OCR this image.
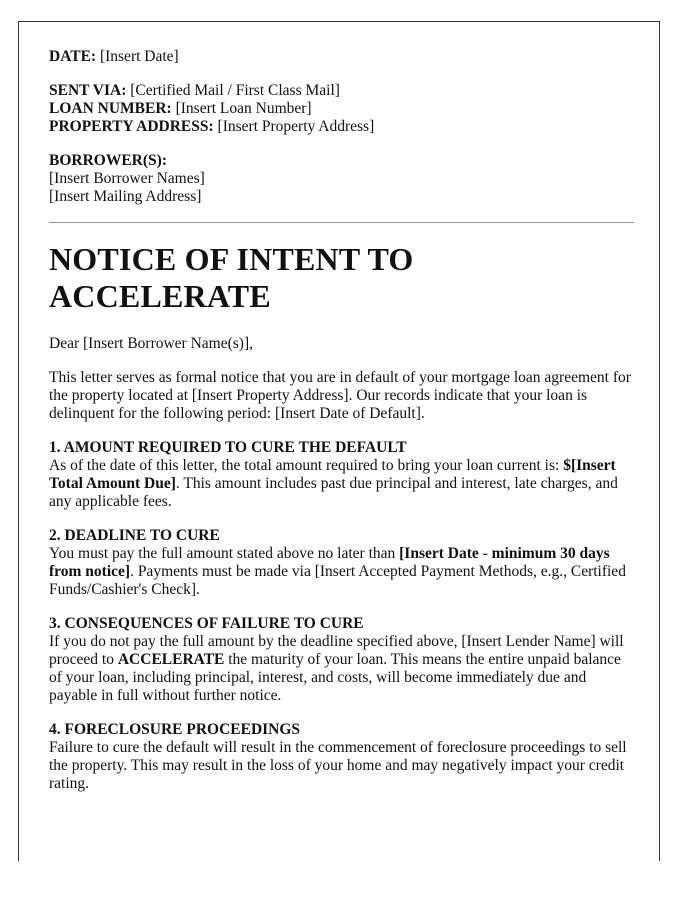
DATE: [Insert Date]

SENT VIA: [Certified Mail / First Class Mail]

LOAN NUMBER: [Insert Loan Number]

PROPERTY ADDRESS: [Insert Property Address]

BORROWER(S):

[Insert Borrower Names]

[Insert Mailing Address]

NOTICE OF INTENT TO ACCELERATE

Dear [Insert Borrower Name(s)],

This letter serves as formal notice that you are in default of your mortgage loan agreement for the property located at [Insert Property Address]. Our records indicate that your loan is delinquent for the following period: [Insert Date of Default].

1. AMOUNT REQUIRED TO CURE THE DEFAULT

As of the date of this letter, the total amount required to bring your loan current is: $[Insert Total Amount Due]. This amount includes past due principal and interest, late charges, and any applicable fees.

2. DEADLINE TO CURE

You must pay the full amount stated above no later than [Insert Date - minimum 30 days from notice]. Payments must be made via [Insert Accepted Payment Methods, e.g., Certified Funds/Cashier's Check].

3. CONSEQUENCES OF FAILURE TO CURE

If you do not pay the full amount by the deadline specified above, [Insert Lender Name] will proceed to ACCELERATE the maturity of your loan. This means the entire unpaid balance of your loan, including principal, interest, and costs, will become immediately due and payable in full without further notice.

4. FORECLOSURE PROCEEDINGS

Failure to cure the default will result in the commencement of foreclosure proceedings to sell the property. This may result in the loss of your home and may negatively impact your credit rating.
